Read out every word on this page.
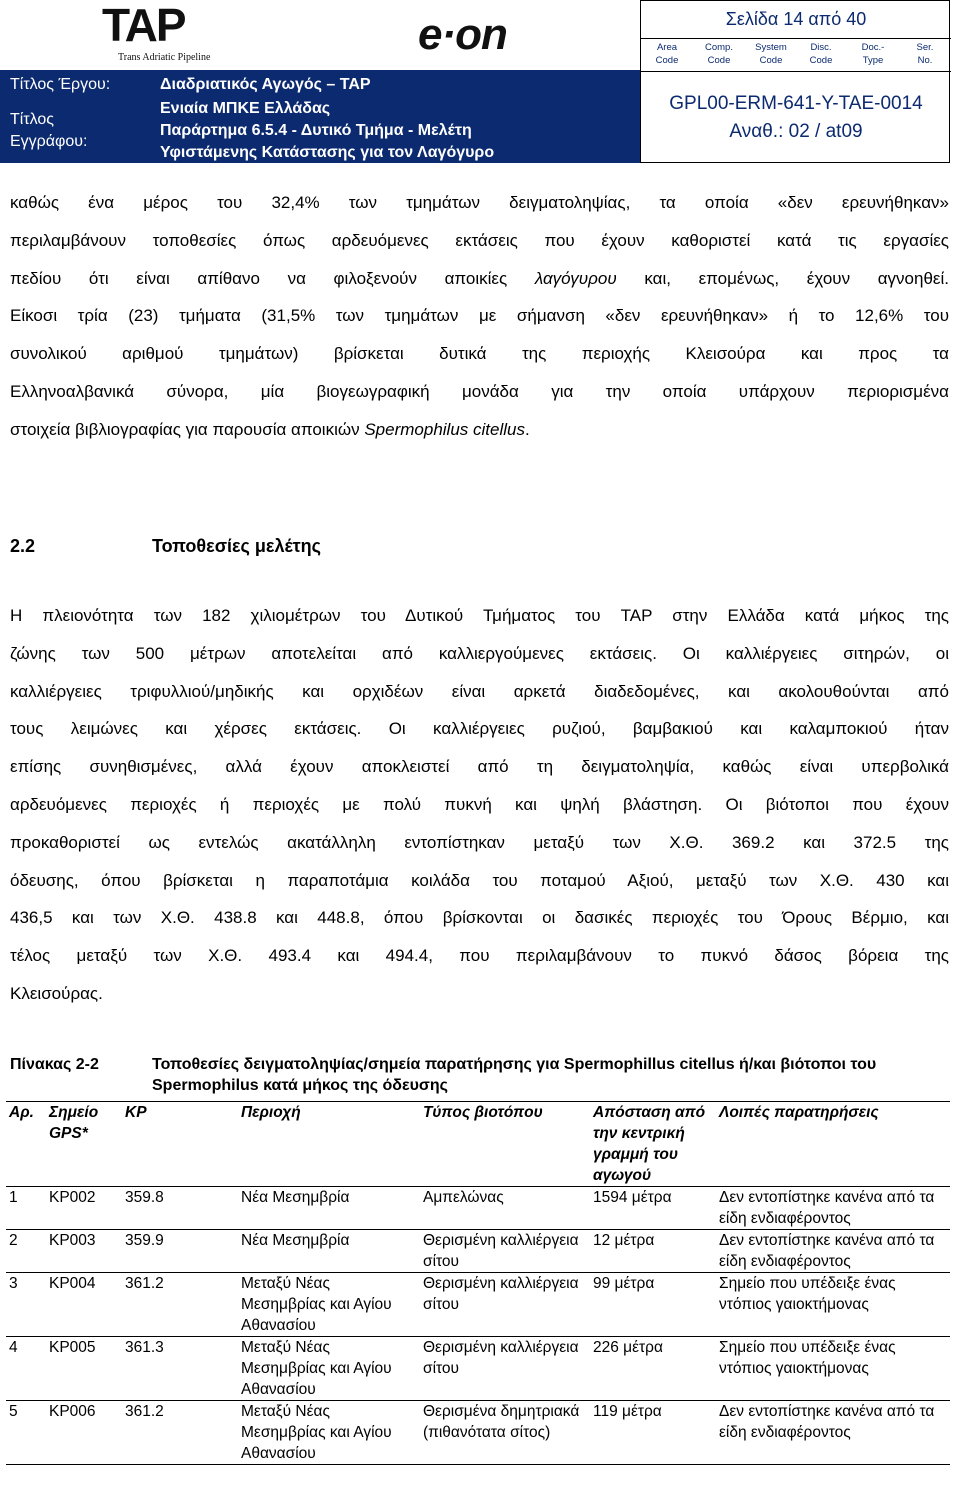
TAP
Trans Adriatic Pipeline	e·on
Τίτλος Έργου:	Διαδριατικός Αγωγός – TAP
Τίτλος
Εγγράφου:
Ενιαία ΜΠΚΕ Ελλάδας
Παράρτημα 6.5.4 - Δυτικό Τμήμα - Μελέτη
Υφιστάμενης Κατάστασης για τον Λαγόγυρο
Σελίδα 14 από 40
Area
Code
Comp.
Code
System
Code
Disc.
Code
Doc.-
Type
Ser.
No.
GPL00-ERM-641-Y-TAE-0014
Αναθ.: 02 / at09
καθώς ένα μέρος του 32,4% των τμημάτων δειγματοληψίας, τα οποία «δεν ερευνήθηκαν»
περιλαμβάνουν τοποθεσίες όπως αρδευόμενες εκτάσεις που έχουν καθοριστεί κατά τις εργασίες
πεδίου ότι είναι απίθανο να φιλοξενούν αποικίες λαγόγυρου και, επομένως, έχουν αγνοηθεί.
Είκοσι τρία (23) τμήματα (31,5% των τμημάτων με σήμανση «δεν ερευνήθηκαν» ή το 12,6% του
συνολικού αριθμού τμημάτων) βρίσκεται δυτικά της περιοχής Κλεισούρα και προς τα
Ελληνοαλβανικά σύνορα, μία βιογεωγραφική μονάδα για την οποία υπάρχουν περιορισμένα
στοιχεία βιβλιογραφίας για παρουσία αποικιών Spermophilus citellus.
2.2	Τοποθεσίες μελέτης
Η πλειονότητα των 182 χιλιομέτρων του Δυτικού Τμήματος του TAP στην Ελλάδα κατά μήκος της
ζώνης των 500 μέτρων αποτελείται από καλλιεργούμενες εκτάσεις. Οι καλλιέργειες σιτηρών, οι
καλλιέργειες τριφυλλιού/μηδικής και ορχιδέων είναι αρκετά διαδεδομένες, και ακολουθούνται από
τους λειμώνες και χέρσες εκτάσεις. Οι καλλιέργειες ρυζιού, βαμβακιού και καλαμποκιού ήταν
επίσης συνηθισμένες, αλλά έχουν αποκλειστεί από τη δειγματοληψία, καθώς είναι υπερβολικά
αρδευόμενες περιοχές ή περιοχές με πολύ πυκνή και ψηλή βλάστηση. Οι βιότοποι που έχουν
προκαθοριστεί ως εντελώς ακατάλληλη εντοπίστηκαν μεταξύ των Χ.Θ. 369.2 και 372.5 της
όδευσης, όπου βρίσκεται η παραποτάμια κοιλάδα του ποταμού Αξιού, μεταξύ των Χ.Θ. 430 και
436,5 και των Χ.Θ. 438.8 και 448.8, όπου βρίσκονται οι δασικές περιοχές του Όρους Βέρμιο, και
τέλος μεταξύ των Χ.Θ. 493.4 και 494.4, που περιλαμβάνουν το πυκνό δάσος βόρεια της
Κλεισούρας.
Πίνακας 2-2	Τοποθεσίες δειγματοληψίας/σημεία παρατήρησης για Spermophillus citellus ή/και βιότοποι του Spermophilus κατά μήκος της όδευσης
Αρ.	Σημείο GPS*	ΚΡ	Περιοχή	Τύπος βιοτόπου	Απόσταση από την κεντρική γραμμή του αγωγού	Λοιπές παρατηρήσεις
1	KP002	359.8	Νέα Μεσημβρία	Αμπελώνας	1594 μέτρα	Δεν εντοπίστηκε κανένα από τα είδη ενδιαφέροντος
2	KP003	359.9	Νέα Μεσημβρία	Θερισμένη καλλιέργεια σίτου	12 μέτρα	Δεν εντοπίστηκε κανένα από τα είδη ενδιαφέροντος
3	KP004	361.2	Μεταξύ Νέας Μεσημβρίας και Αγίου Αθανασίου	Θερισμένη καλλιέργεια σίτου	99 μέτρα	Σημείο που υπέδειξε ένας ντόπιος γαιοκτήμονας
4	KP005	361.3	Μεταξύ Νέας Μεσημβρίας και Αγίου Αθανασίου	Θερισμένη καλλιέργεια σίτου	226 μέτρα	Σημείο που υπέδειξε ένας ντόπιος γαιοκτήμονας
5	KP006	361.2	Μεταξύ Νέας Μεσημβρίας και Αγίου Αθανασίου	Θερισμένα δημητριακά (πιθανότατα σίτος)	119 μέτρα	Δεν εντοπίστηκε κανένα από τα είδη ενδιαφέροντος
